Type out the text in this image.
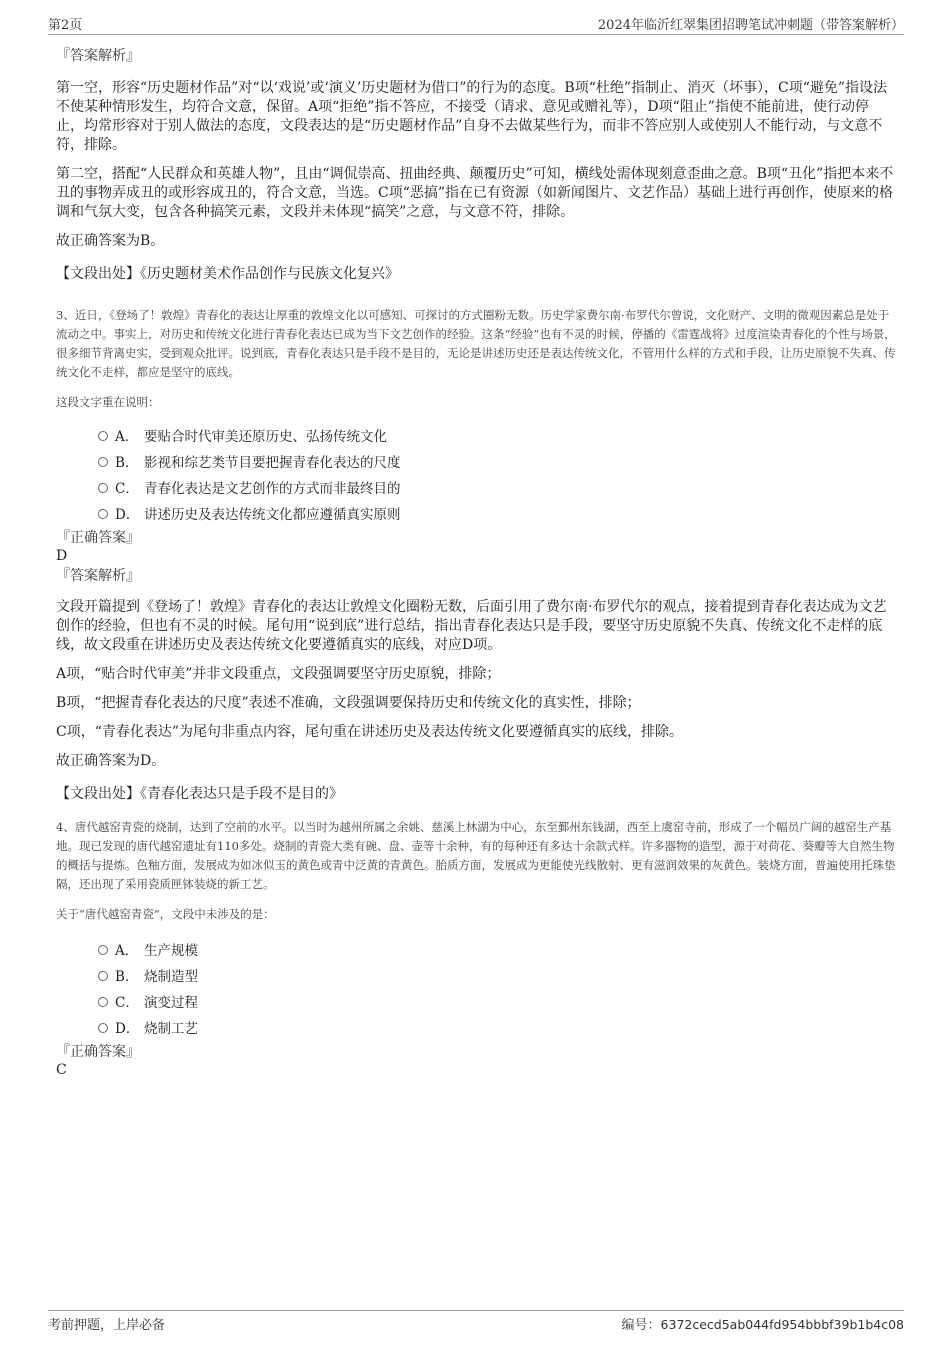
第2页	2024年临沂红翠集团招聘笔试冲刺题（带答案解析）
『答案解析』

第一空，形容“历史题材作品”对“以‘戏说’或‘演义’历史题材为借口”的行为的态度。B项“杜绝”指制止、消灭（坏事），C项“避免”指设法不使某种情形发生，均符合文意，保留。A项“拒绝”指不答应，不接受（请求、意见或赠礼等），D项“阻止”指使不能前进，使行动停止，均常形容对于别人做法的态度，文段表达的是“历史题材作品”自身不去做某些行为，而非不答应别人或使别人不能行动，与文意不符，排除。

第二空，搭配“人民群众和英雄人物”，且由“调侃崇高、扭曲经典、颠覆历史”可知，横线处需体现刻意歪曲之意。B项“丑化”指把本来不丑的事物弄成丑的或形容成丑的，符合文意，当选。C项“恶搞”指在已有资源（如新闻图片、文艺作品）基础上进行再创作，使原来的格调和气氛大变，包含各种搞笑元素，文段并未体现“搞笑”之意，与文意不符，排除。

故正确答案为B。

【文段出处】《历史题材美术作品创作与民族文化复兴》

3、近日，《登场了！敦煌》青春化的表达让厚重的敦煌文化以可感知、可探讨的方式圈粉无数。历史学家费尔南·布罗代尔曾说，文化财产、文明的微观因素总是处于流动之中。事实上，对历史和传统文化进行青春化表达已成为当下文艺创作的经验。这条“经验”也有不灵的时候，停播的《雷霆战将》过度渲染青春化的个性与场景，很多细节背离史实，受到观众批评。说到底，青春化表达只是手段不是目的，无论是讲述历史还是表达传统文化，不管用什么样的方式和手段，让历史原貌不失真、传统文化不走样，都应是坚守的底线。

这段文字重在说明：

A． 要贴合时代审美还原历史、弘扬传统文化
B． 影视和综艺类节目要把握青春化表达的尺度
C． 青春化表达是文艺创作的方式而非最终目的
D． 讲述历史及表达传统文化都应遵循真实原则
『正确答案』
D
『答案解析』

文段开篇提到《登场了！敦煌》青春化的表达让敦煌文化圈粉无数，后面引用了费尔南·布罗代尔的观点，接着提到青春化表达成为文艺创作的经验，但也有不灵的时候。尾句用“说到底”进行总结，指出青春化表达只是手段，要坚守历史原貌不失真、传统文化不走样的底线，故文段重在讲述历史及表达传统文化要遵循真实的底线，对应D项。

A项，“贴合时代审美”并非文段重点，文段强调要坚守历史原貌，排除；

B项，“把握青春化表达的尺度”表述不准确，文段强调要保持历史和传统文化的真实性，排除；

C项，“青春化表达”为尾句非重点内容，尾句重在讲述历史及表达传统文化要遵循真实的底线，排除。

故正确答案为D。

【文段出处】《青春化表达只是手段不是目的》

4、唐代越窑青瓷的烧制，达到了空前的水平。以当时为越州所属之余姚、慈溪上林湖为中心，东至鄞州东钱湖，西至上虞窑寺前，形成了一个幅员广阔的越窑生产基地。现已发现的唐代越窑遗址有110多处。烧制的青瓷大类有碗、盘、壶等十余种，有的每种还有多达十余款式样。许多器物的造型，源于对荷花、葵瓣等大自然生物的概括与提炼。色釉方面，发展成为如冰似玉的黄色或青中泛黄的青黄色。胎质方面，发展成为更能使光线散射、更有滋润效果的灰黄色。装烧方面，普遍使用托珠垫隔，还出现了采用瓷质匣钵装烧的新工艺。

关于“唐代越窑青瓷”，文段中未涉及的是：

A． 生产规模
B． 烧制造型
C． 演变过程
D． 烧制工艺
『正确答案』
C
考前押题，上岸必备	编号：6372cecd5ab044fd954bbbf39b1b4c08
